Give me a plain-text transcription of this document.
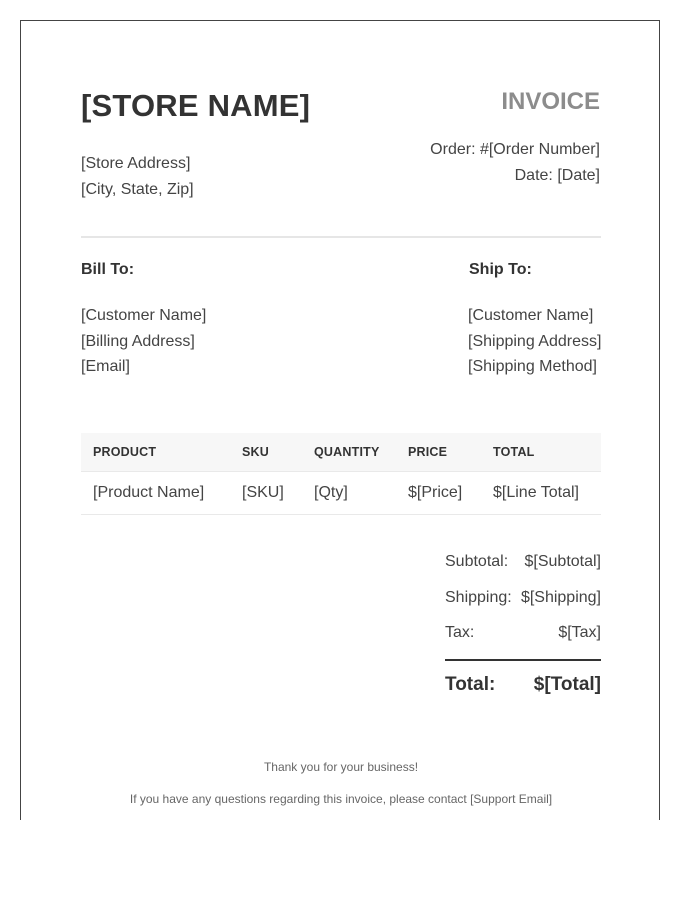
[STORE NAME]	INVOICE
[Store Address]
[City, State, Zip]
Order: #[Order Number]
Date: [Date]
Bill To:
[Customer Name]
[Billing Address]
[Email]
Ship To:
[Customer Name]
[Shipping Address]
[Shipping Method]
PRODUCT	SKU	QUANTITY	PRICE	TOTAL
[Product Name]	[SKU]	[Qty]	$[Price]	$[Line Total]
Subtotal: $[Subtotal]
Shipping: $[Shipping]
Tax:	$[Tax]
Total: $[Total]
Thank you for your business!
If you have any questions regarding this invoice, please contact [Support Email]
